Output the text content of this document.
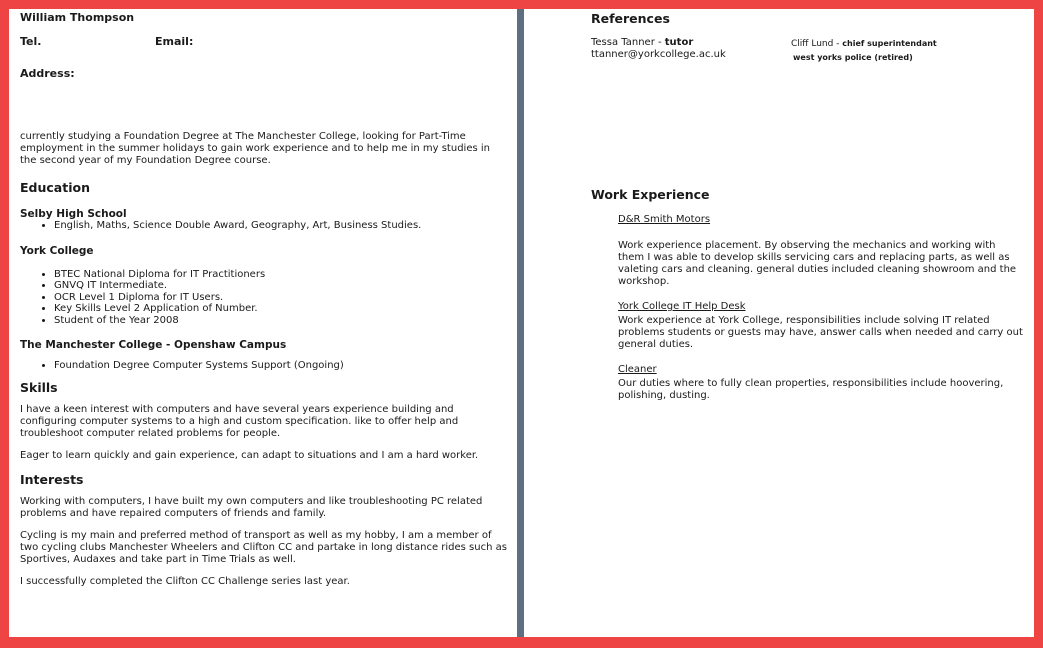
William Thompson
Tel.	Email:
Address:

currently studying a Foundation Degree at The Manchester College, looking for Part-Time employment in the summer holidays to gain work experience and to help me in my studies in the second year of my Foundation Degree course.

Education
Selby High School
• English, Maths, Science Double Award, Geography, Art, Business Studies.
York College
• BTEC National Diploma for IT Practitioners
• GNVQ IT Intermediate.
• OCR Level 1 Diploma for IT Users.
• Key Skills Level 2 Application of Number.
• Student of the Year 2008
The Manchester College - Openshaw Campus
• Foundation Degree Computer Systems Support (Ongoing)
Skills

I have a keen interest with computers and have several years experience building and configuring computer systems to a high and custom specification. like to offer help and troubleshoot computer related problems for people.

Eager to learn quickly and gain experience, can adapt to situations and I am a hard worker.

Interests

Working with computers, I have built my own computers and like troubleshooting PC related problems and have repaired computers of friends and family.

Cycling is my main and preferred method of transport as well as my hobby, I am a member of two cycling clubs Manchester Wheelers and Clifton CC and partake in long distance rides such as Sportives, Audaxes and take part in Time Trials as well.

I successfully completed the Clifton CC Challenge series last year.

References
Tessa Tanner - tutor
ttanner@yorkcollege.ac.uk
Cliff Lund - chief superintendant
west yorks police (retired)
Work Experience
D&R Smith Motors

Work experience placement. By observing the mechanics and working with them I was able to develop skills servicing cars and replacing parts, as well as valeting cars and cleaning. general duties included cleaning showroom and the workshop.

York College IT Help Desk

Work experience at York College, responsibilities include solving IT related problems students or guests may have, answer calls when needed and carry out general duties.

Cleaner

Our duties where to fully clean properties, responsibilities include hoovering, polishing, dusting.
